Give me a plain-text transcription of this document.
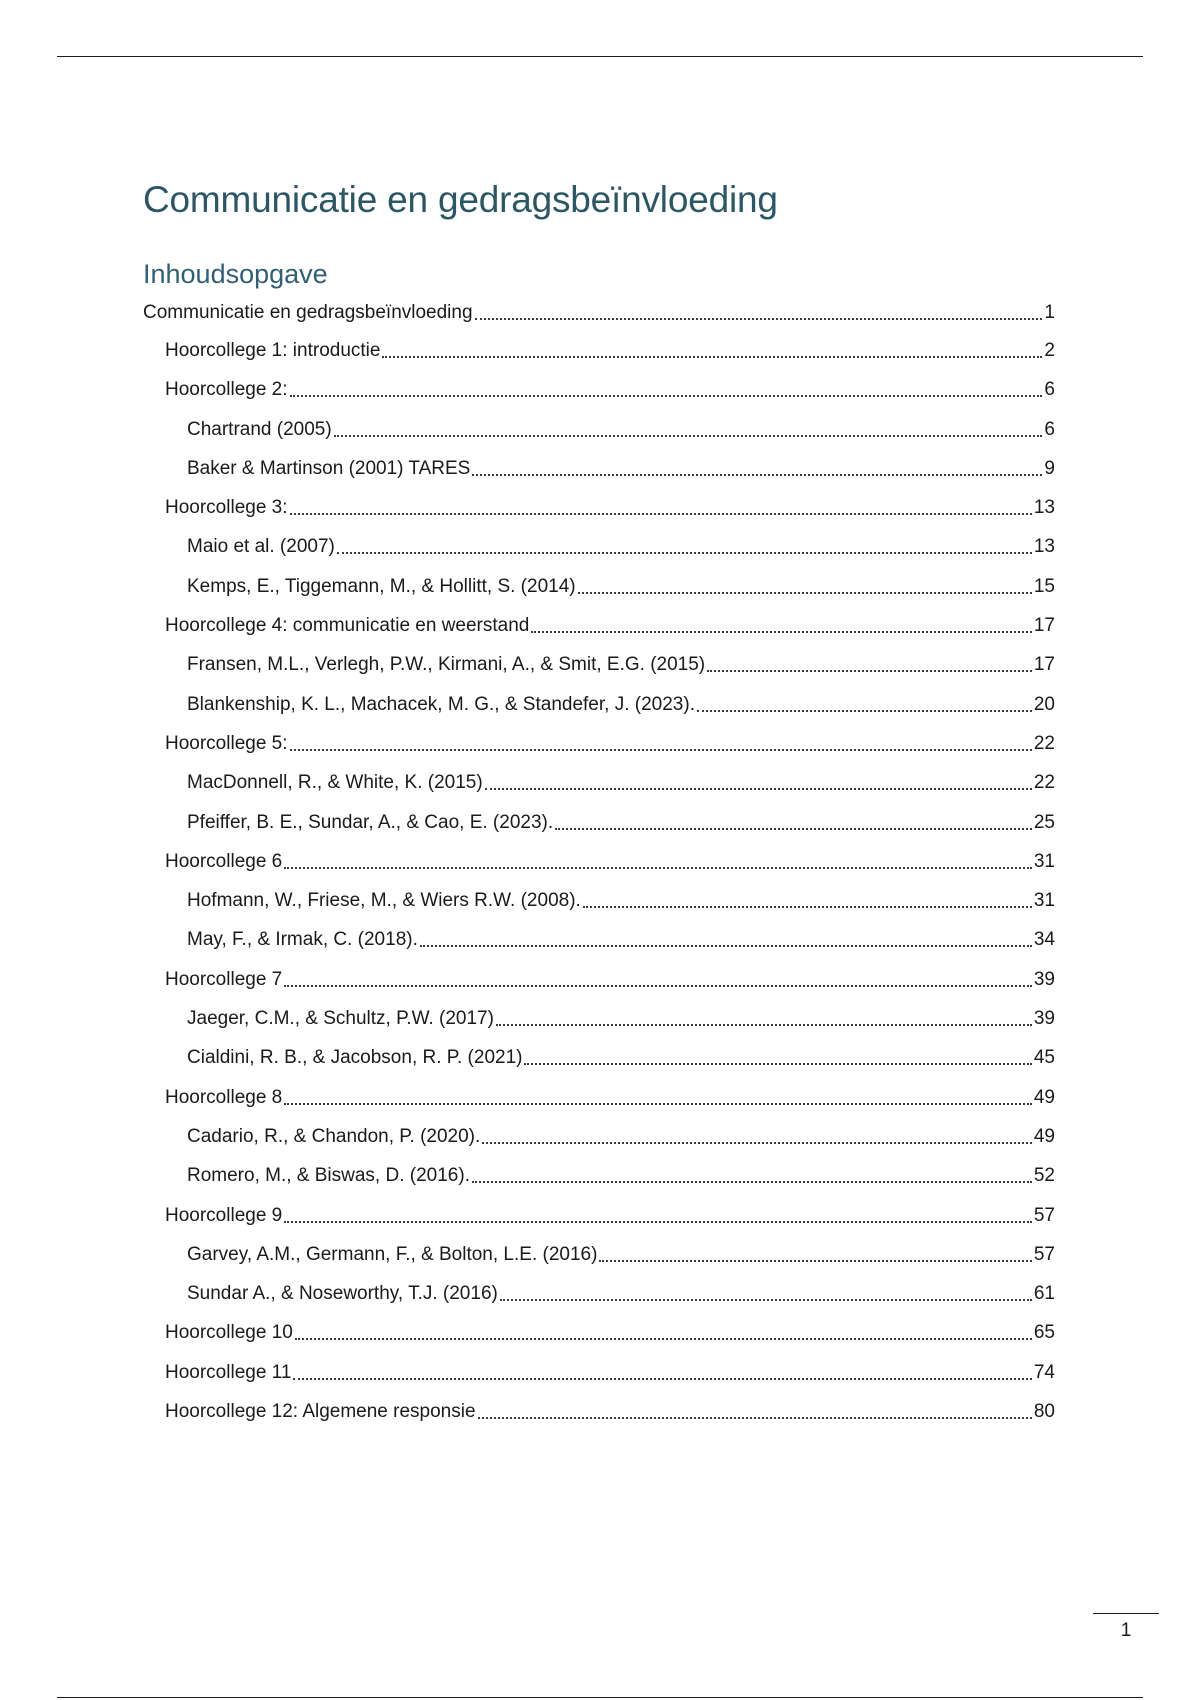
Communicatie en gedragsbeïnvloeding
Inhoudsopgave
Communicatie en gedragsbeïnvloeding	1
Hoorcollege 1: introductie	2
Hoorcollege 2:	6
Chartrand (2005)	6
Baker & Martinson (2001) TARES	9
Hoorcollege 3:	13
Maio et al. (2007)	13
Kemps, E., Tiggemann, M., & Hollitt, S. (2014)	15
Hoorcollege 4: communicatie en weerstand	17
Fransen, M.L., Verlegh, P.W., Kirmani, A., & Smit, E.G. (2015)	17
Blankenship, K. L., Machacek, M. G., & Standefer, J. (2023).	20
Hoorcollege 5:	22
MacDonnell, R., & White, K. (2015)	22
Pfeiffer, B. E., Sundar, A., & Cao, E. (2023).	25
Hoorcollege 6	31
Hofmann, W., Friese, M., & Wiers R.W. (2008).	31
May, F., & Irmak, C. (2018).	34
Hoorcollege 7	39
Jaeger, C.M., & Schultz, P.W. (2017)	39
Cialdini, R. B., & Jacobson, R. P. (2021)	45
Hoorcollege 8	49
Cadario, R., & Chandon, P. (2020).	49
Romero, M., & Biswas, D. (2016).	52
Hoorcollege 9	57
Garvey, A.M., Germann, F., & Bolton, L.E. (2016)	57
Sundar A., & Noseworthy, T.J. (2016)	61
Hoorcollege 10	65
Hoorcollege 11	74
Hoorcollege 12: Algemene responsie	80
1
